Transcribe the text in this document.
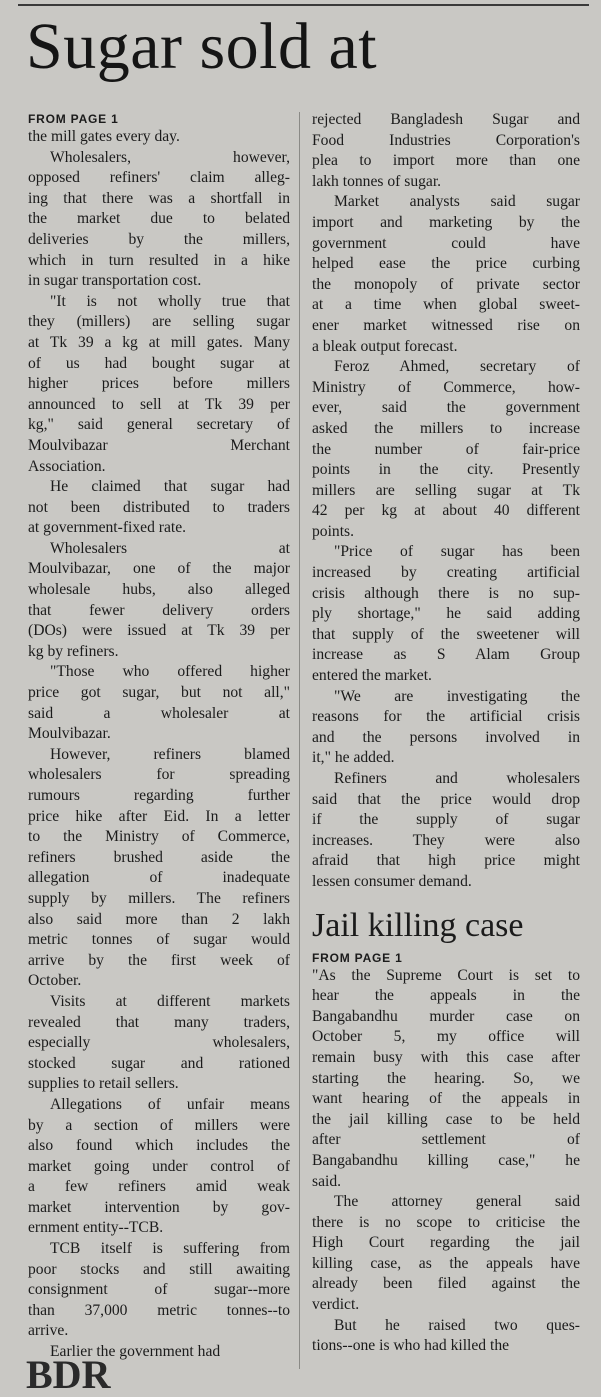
Sugar sold at
FROM PAGE 1
the mill gates every day.
Wholesalers, however,
opposed refiners' claim alleg-
ing that there was a shortfall in
the market due to belated
deliveries by the millers,
which in turn resulted in a hike
in sugar transportation cost.
"It is not wholly true that
they (millers) are selling sugar
at Tk 39 a kg at mill gates. Many
of us had bought sugar at
higher prices before millers
announced to sell at Tk 39 per
kg," said general secretary of
Moulvibazar Merchant
Association.
He claimed that sugar had
not been distributed to traders
at government-fixed rate.
Wholesalers at
Moulvibazar, one of the major
wholesale hubs, also alleged
that fewer delivery orders
(DOs) were issued at Tk 39 per
kg by refiners.
"Those who offered higher
price got sugar, but not all,"
said a wholesaler at
Moulvibazar.
However, refiners blamed
wholesalers for spreading
rumours regarding further
price hike after Eid. In a letter
to the Ministry of Commerce,
refiners brushed aside the
allegation of inadequate
supply by millers. The refiners
also said more than 2 lakh
metric tonnes of sugar would
arrive by the first week of
October.
Visits at different markets
revealed that many traders,
especially wholesalers,
stocked sugar and rationed
supplies to retail sellers.
Allegations of unfair means
by a section of millers were
also found which includes the
market going under control of
a few refiners amid weak
market intervention by gov-
ernment entity--TCB.
TCB itself is suffering from
poor stocks and still awaiting
consignment of sugar--more
than 37,000 metric tonnes--to
arrive.
Earlier the government had
rejected Bangladesh Sugar and
Food Industries Corporation's
plea to import more than one
lakh tonnes of sugar.
Market analysts said sugar
import and marketing by the
government could have
helped ease the price curbing
the monopoly of private sector
at a time when global sweet-
ener market witnessed rise on
a bleak output forecast.
Feroz Ahmed, secretary of
Ministry of Commerce, how-
ever, said the government
asked the millers to increase
the number of fair-price
points in the city. Presently
millers are selling sugar at Tk
42 per kg at about 40 different
points.
"Price of sugar has been
increased by creating artificial
crisis although there is no sup-
ply shortage," he said adding
that supply of the sweetener will
increase as S Alam Group
entered the market.
"We are investigating the
reasons for the artificial crisis
and the persons involved in
it," he added.
Refiners and wholesalers
said that the price would drop
if the supply of sugar
increases. They were also
afraid that high price might
lessen consumer demand.
Jail killing case
FROM PAGE 1
"As the Supreme Court is set to
hear the appeals in the
Bangabandhu murder case on
October 5, my office will
remain busy with this case after
starting the hearing. So, we
want hearing of the appeals in
the jail killing case to be held
after settlement of
Bangabandhu killing case," he
said.
The attorney general said
there is no scope to criticise the
High Court regarding the jail
killing case, as the appeals have
already been filed against the
verdict.
But he raised two ques-
tions--one is who had killed the
BDR
